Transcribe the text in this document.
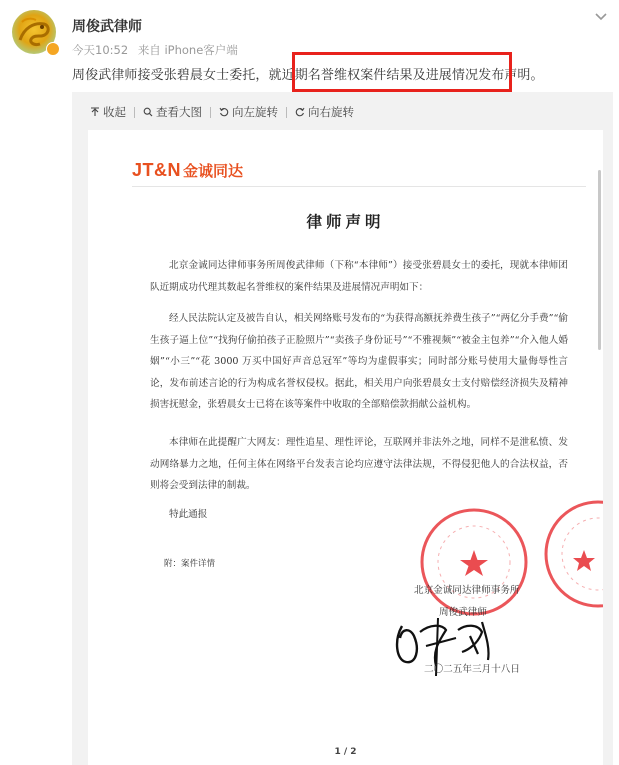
周俊武律师
今天10:52 来自 iPhone客户端
周俊武律师接受张碧晨女士委托，就近期名誉维权案件结果及进展情况发布声明。
收起	查看大图	向左旋转	向右旋转
JT&N 金诚同达
律师声明
北京金诚同达律师事务所周俊武律师（下称“本律师”）接受张碧晨女士的委托，现就本律师团队近期成功代理其数起名誉维权的案件结果及进展情况声明如下：
经人民法院认定及被告自认，相关网络账号发布的“为获得高额抚养费生孩子”“两亿分手费”“偷生孩子逼上位”“找狗仔偷拍孩子正脸照片”“卖孩子身份证号”“不雅视频”“被金主包养”“介入他人婚姻”“小三”“花 3000 万买中国好声音总冠军”等均为虚假事实；同时部分账号使用大量侮辱性言论，发布前述言论的行为构成名誉权侵权。据此，相关用户向张碧晨女士支付赔偿经济损失及精神损害抚慰金，张碧晨女士已将在该等案件中收取的全部赔偿款捐献公益机构。
本律师在此提醒广大网友：理性追星、理性评论，互联网并非法外之地，同样不是泄私愤、发动网络暴力之地，任何主体在网络平台发表言论均应遵守法律法规，不得侵犯他人的合法权益，否则将会受到法律的制裁。
特此通报
附：案件详情
北京金诚同达律师事务所
周俊武律师
二〇二五年三月十八日
1 / 2
